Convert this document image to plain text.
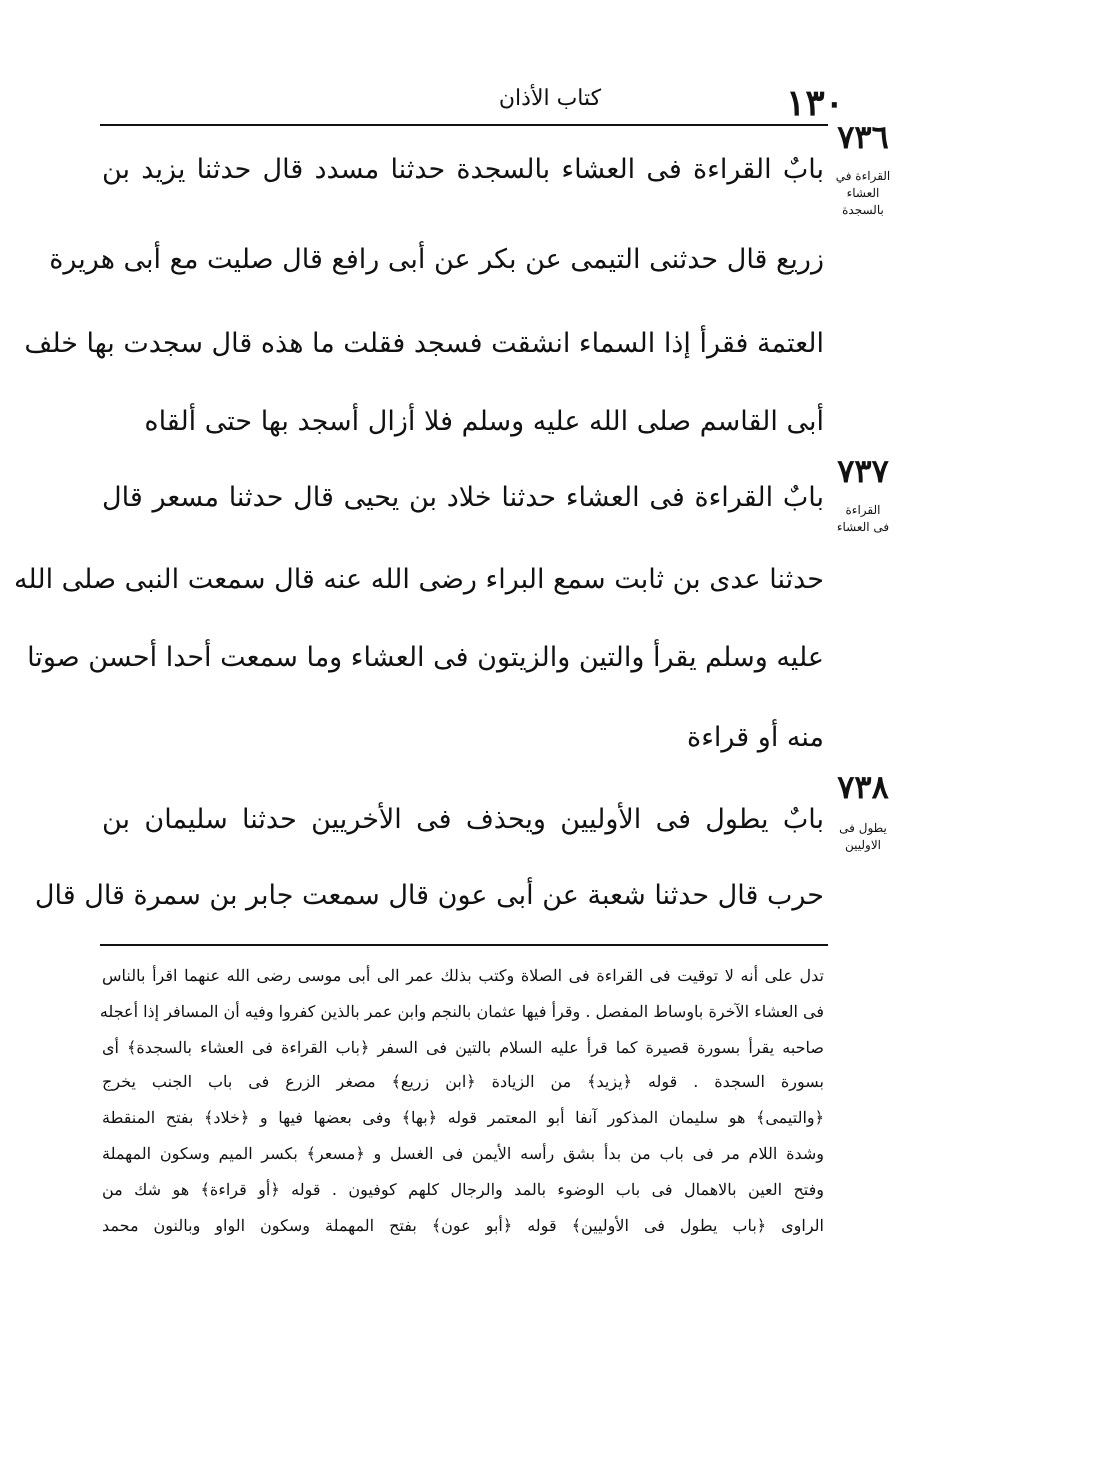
١٣٠
كتاب الأذان
٧٣٦
القراءة في
العشاء
بالسجدة
بابٌ القراءة فى العشاء بالسجدة حدثنا مسدد قال حدثنا يزيد بن
زريع قال حدثنى التيمى عن بكر عن أبى رافع قال صليت مع أبى هريرة
العتمة فقرأ إذا السماء انشقت فسجد فقلت ما هذه قال سجدت بها خلف
أبى القاسم صلى الله عليه وسلم فلا أزال أسجد بها حتى ألقاه
٧٣٧
القراءة
فى العشاء
بابٌ القراءة فى العشاء حدثنا خلاد بن يحيى قال حدثنا مسعر قال
حدثنا عدى بن ثابت سمع البراء رضى الله عنه قال سمعت النبى صلى الله
عليه وسلم يقرأ والتين والزيتون فى العشاء وما سمعت أحدا أحسن صوتا
منه أو قراءة
٧٣٨
يطول فى
الاوليين
بابٌ يطول فى الأوليين ويحذف فى الأخريين حدثنا سليمان بن
حرب قال حدثنا شعبة عن أبى عون قال سمعت جابر بن سمرة قال قال
تدل على أنه لا توقيت فى القراءة فى الصلاة وكتب بذلك عمر الى أبى موسى رضى الله عنهما اقرأ بالناس
فى العشاء الآخرة باوساط المفصل . وقرأ فيها عثمان بالنجم وابن عمر بالذين كفروا وفيه أن المسافر إذا أعجله
صاحبه يقرأ بسورة قصيرة كما قرأ عليه السلام بالتين فى السفر ﴿باب القراءة فى العشاء بالسجدة﴾ أى
بسورة السجدة . قوله ﴿يزيد﴾ من الزيادة ﴿ابن زريع﴾ مصغر الزرع فى باب الجنب يخرج
﴿والتيمى﴾ هو سليمان المذكور آنفا أبو المعتمر قوله ﴿بها﴾ وفى بعضها فيها و ﴿خلاد﴾ بفتح المنقطة
وشدة اللام مر فى باب من بدأ بشق رأسه الأيمن فى الغسل و ﴿مسعر﴾ بكسر الميم وسكون المهملة
وفتح العين بالاهمال فى باب الوضوء بالمد والرجال كلهم كوفيون . قوله ﴿أو قراءة﴾ هو شك من
الراوى ﴿باب يطول فى الأوليين﴾ قوله ﴿أبو عون﴾ بفتح المهملة وسكون الواو وبالنون محمد
